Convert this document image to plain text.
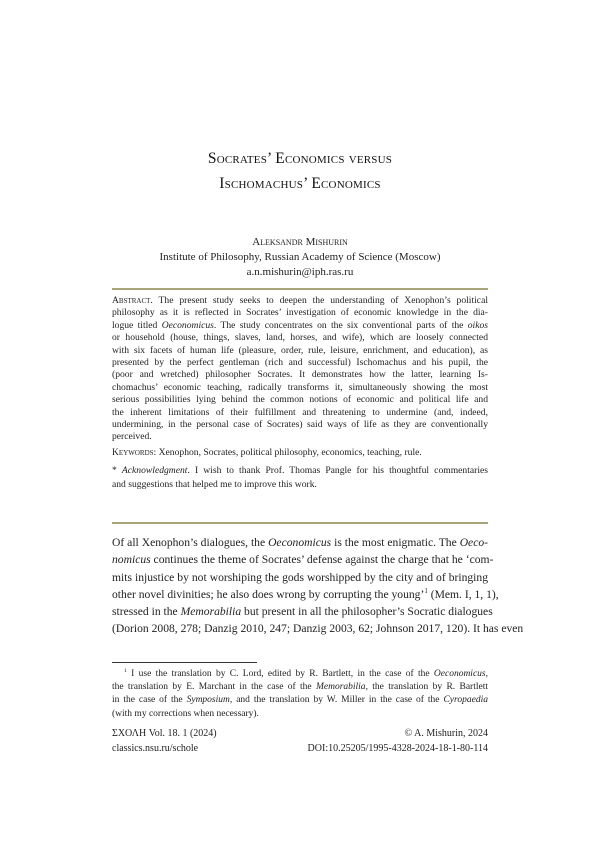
Socrates’ Economics versus
Ischomachus’ Economics
Aleksandr Mishurin
Institute of Philosophy, Russian Academy of Science (Moscow)
a.n.mishurin@iph.ras.ru
Abstract. The present study seeks to deepen the understanding of Xenophon’s political
philosophy as it is reflected in Socrates’ investigation of economic knowledge in the dia-
logue titled Oeconomicus. The study concentrates on the six conventional parts of the oikos
or household (house, things, slaves, land, horses, and wife), which are loosely connected
with six facets of human life (pleasure, order, rule, leisure, enrichment, and education), as
presented by the perfect gentleman (rich and successful) Ischomachus and his pupil, the
(poor and wretched) philosopher Socrates. It demonstrates how the latter, learning Is-
chomachus’ economic teaching, radically transforms it, simultaneously showing the most
serious possibilities lying behind the common notions of economic and political life and
the inherent limitations of their fulfillment and threatening to undermine (and, indeed,
undermining, in the personal case of Socrates) said ways of life as they are conventionally
perceived.
Keywords: Xenophon, Socrates, political philosophy, economics, teaching, rule.
* Acknowledgment. I wish to thank Prof. Thomas Pangle for his thoughtful commentaries
and suggestions that helped me to improve this work.
Of all Xenophon’s dialogues, the Oeconomicus is the most enigmatic. The Oeco-
nomicus continues the theme of Socrates’ defense against the charge that he ‘com-
mits injustice by not worshiping the gods worshipped by the city and of bringing
other novel divinities; he also does wrong by corrupting the young’$^1$ (Mem. I, 1, 1),
stressed in the Memorabilia but present in all the philosopher’s Socratic dialogues
(Dorion 2008, 278; Danzig 2010, 247; Danzig 2003, 62; Johnson 2017, 120). It has even
$^1$ I use the translation by C. Lord, edited by R. Bartlett, in the case of the Oeconomicus,
the translation by E. Marchant in the case of the Memorabilia, the translation by R. Bartlett
in the case of the Symposium, and the translation by W. Miller in the case of the Cyropaedia
(with my corrections when necessary).
ΣΧΟΛΗ Vol. 18. 1 (2024)
classics.nsu.ru/schole
© A. Mishurin, 2024
DOI:10.25205/1995-4328-2024-18-1-80-114
